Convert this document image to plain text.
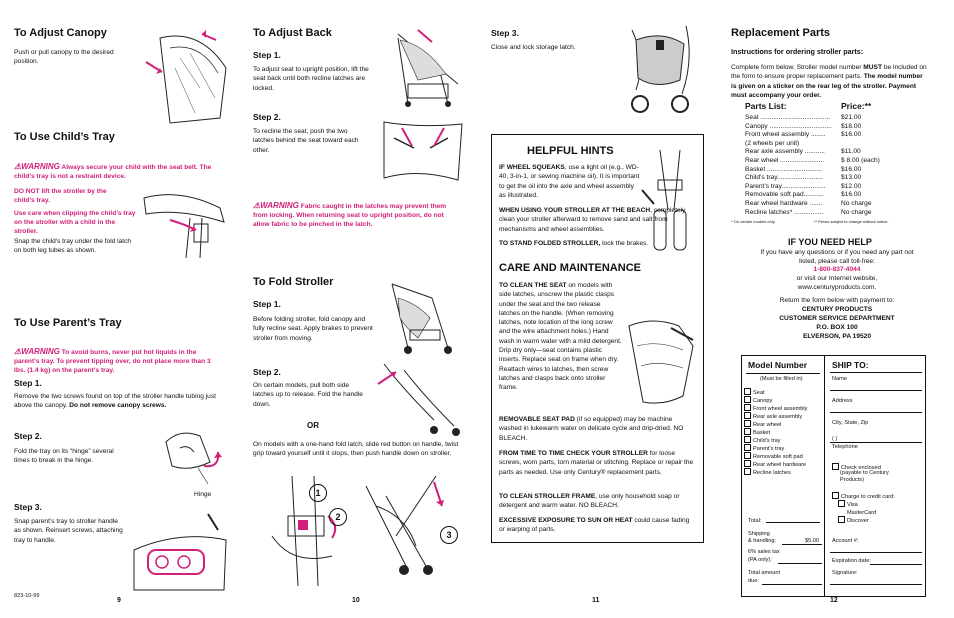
To Adjust Canopy

Push or pull canopy to the desired position.

To Use Child’s Tray

⚠WARNING Always secure your child with the seat belt. The child’s tray is not a restraint device.

DO NOT lift the stroller by the child’s tray.

Use care when clipping the child’s tray on the stroller with a child in the stroller.

Snap the child's tray under the fold latch on both leg tubes as shown.

To Use Parent’s Tray

⚠WARNING To avoid burns, never put hot liquids in the parent’s tray. To prevent tipping over, do not place more than 3 lbs. (1.4 kg) on the parent’s tray.

Step 1.

Remove the two screws found on top of the stroller handle tubing just above the canopy. Do not remove canopy screws.

Step 2.

Fold the tray on its “hinge” several times to break in the hinge.

Hinge

Step 3.

Snap parent’s tray to stroller handle as shown. Reinsert screws, attaching tray to handle.

823-10-99
9
To Adjust Back
Step 1.

To adjust seat to upright position, lift the seat back until both recline latches are locked.

Step 2.

To recline the seat, push the two latches behind the seat toward each other.

⚠WARNING Fabric caught in the latches may prevent them from locking. When returning seat to upright position, do not allow fabric to be pinched in the latch.

To Fold Stroller
Step 1.

Before folding stroller, fold canopy and fully recline seat. Apply brakes to prevent stroller from moving.

Step 2.

On certain models, pull both side latches up to release. Fold the handle down.

OR

On models with a one-hand fold latch, slide red button on handle, twist grip toward yourself until it stops, then push handle down on stroller.

1
2
3
10
Step 3.

Close and lock storage latch.

HELPFUL HINTS

IF WHEEL SQUEAKS, use a light oil (e.g., WD-40, 3-in-1, or sewing machine oil). It is important to get the oil into the axle and wheel assembly as illustrated.

WHEN USING YOUR STROLLER AT THE BEACH, completely clean your stroller afterward to remove sand and salt from mechanisms and wheel assemblies.

TO STAND FOLDED STROLLER, lock the brakes.

CARE AND MAINTENANCE

TO CLEAN THE SEAT on models with side latches, unscrew the plastic clasps under the seat and the two release latches on the handle. (When removing latches, note location of the long screw and the wire attachment holes.) Hand wash in warm water with a mild detergent. Drip dry only—seat contains plastic inserts. Replace seat on frame when dry. Reattach wires to latches, then screw latches and clasps back onto stroller frame.

REMOVABLE SEAT PAD (if so equipped) may be machine washed in lukewarm water on delicate cycle and drip-dried. NO BLEACH.

FROM TIME TO TIME CHECK YOUR STROLLER for loose screws, worn parts, torn material or stitching. Replace or repair the parts as needed. Use only Century® replacement parts.

TO CLEAN STROLLER FRAME, use only household soap or detergent and warm water. NO BLEACH.

EXCESSIVE EXPOSURE TO SUN OR HEAT could cause fading or warping of parts.

11
Replacement Parts
Instructions for ordering stroller parts:

Complete form below. Stroller model number MUST be included on the form to ensure proper replacement parts. The model number is given on a sticker on the rear leg of the stroller. Payment must accompany your order.

Parts List:	Price:**
Seat ...................................... $21.00
Canopy .................................. $18.00
Front wheel assembly ........ $16.00
(2 wheels per unit)
Rear axle assembly ........... $11.00
Rear wheel ........................	$ 8.00 (each)
Basket ..............................	$16.00
Child’s tray.........................	$13.00
Parent’s tray........................ $12.00
Removable soft pad...........	$16.00
Rear wheel hardware .......	No charge
Recline latches* ................	No charge
* On certain models only.	** Prices subject to change without notice.
IF YOU NEED HELP

If you have any questions or if you need any part not listed, please call toll-free:

1-800-837-4044
or visit our Internet website,
www.centuryproducts.com.
Return the form below with payment to:
CENTURY PRODUCTS
CUSTOMER SERVICE DEPARTMENT
P.O. BOX 100
ELVERSON, PA 19520
Model Number	SHIP TO:
(Must be filled in)	Name
Address
City, State, Zip
( )
Telephone
Seat
Canopy
Front wheel assembly
Rear axle assembly
Rear wheel
Basket
Child’s tray
Parent’s tray
Removable soft pad
Rear wheel hardware
Recline latches
Check enclosed
(payable to Century
Products)
Charge to credit card:
Visa
MasterCard
Discover
Total:
Shipping
& handling:	$5.00
6% sales tax
(PA only):
Total amount
due:
Account #:
Expiration date:
Signature:
12
